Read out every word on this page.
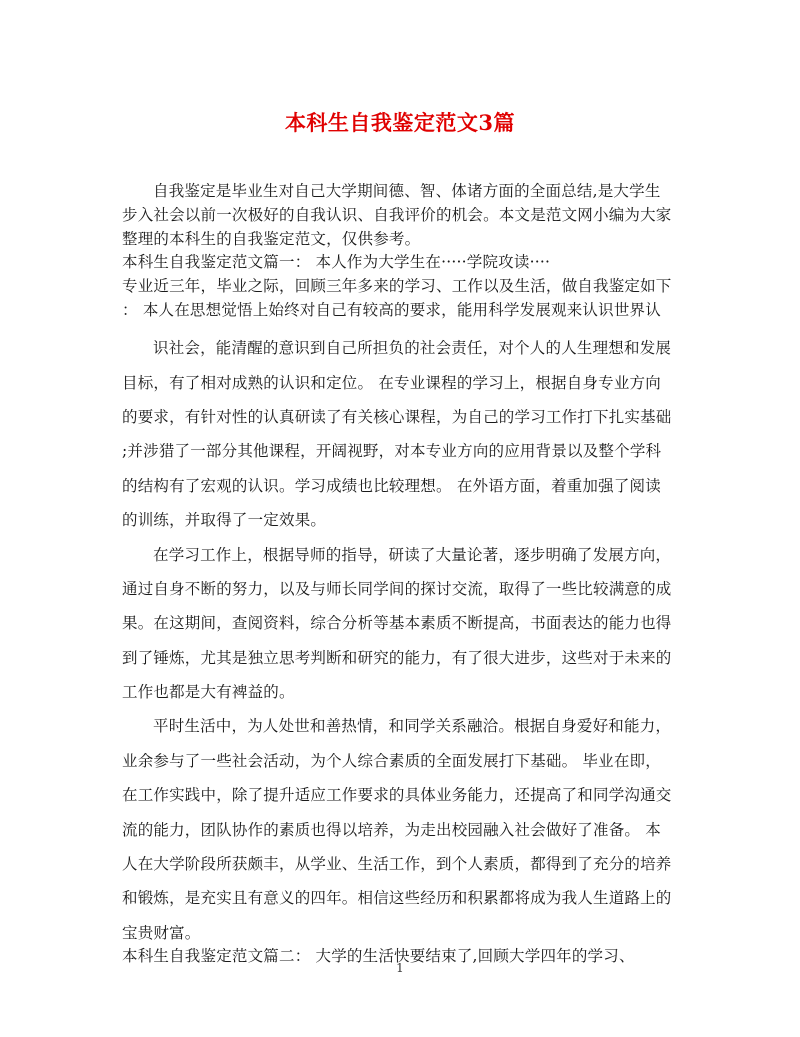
本科生自我鉴定范文3篇
自我鉴定是毕业生对自己大学期间德、智、体诸方面的全面总结,是大学生
步入社会以前一次极好的自我认识、自我评价的机会。本文是范文网小编为大家
整理的本科生的自我鉴定范文，仅供参考。
本科生自我鉴定范文篇一： 本人作为大学生在·····学院攻读····
专业近三年，毕业之际，回顾三年多来的学习、工作以及生活，做自我鉴定如下
： 本人在思想觉悟上始终对自己有较高的要求，能用科学发展观来认识世界认
识社会，能清醒的意识到自己所担负的社会责任，对个人的人生理想和发展
目标，有了相对成熟的认识和定位。 在专业课程的学习上，根据自身专业方向
的要求，有针对性的认真研读了有关核心课程，为自己的学习工作打下扎实基础
;并涉猎了一部分其他课程，开阔视野，对本专业方向的应用背景以及整个学科
的结构有了宏观的认识。学习成绩也比较理想。 在外语方面，着重加强了阅读
的训练，并取得了一定效果。
在学习工作上，根据导师的指导，研读了大量论著，逐步明确了发展方向，
通过自身不断的努力，以及与师长同学间的探讨交流，取得了一些比较满意的成
果。在这期间，查阅资料，综合分析等基本素质不断提高，书面表达的能力也得
到了锤炼，尤其是独立思考判断和研究的能力，有了很大进步，这些对于未来的
工作也都是大有裨益的。
平时生活中，为人处世和善热情，和同学关系融洽。根据自身爱好和能力，
业余参与了一些社会活动，为个人综合素质的全面发展打下基础。 毕业在即，
在工作实践中，除了提升适应工作要求的具体业务能力，还提高了和同学沟通交
流的能力，团队协作的素质也得以培养，为走出校园融入社会做好了准备。 本
人在大学阶段所获颇丰，从学业、生活工作，到个人素质，都得到了充分的培养
和锻炼，是充实且有意义的四年。相信这些经历和积累都将成为我人生道路上的
宝贵财富。
本科生自我鉴定范文篇二： 大学的生活快要结束了,回顾大学四年的学习、
1
